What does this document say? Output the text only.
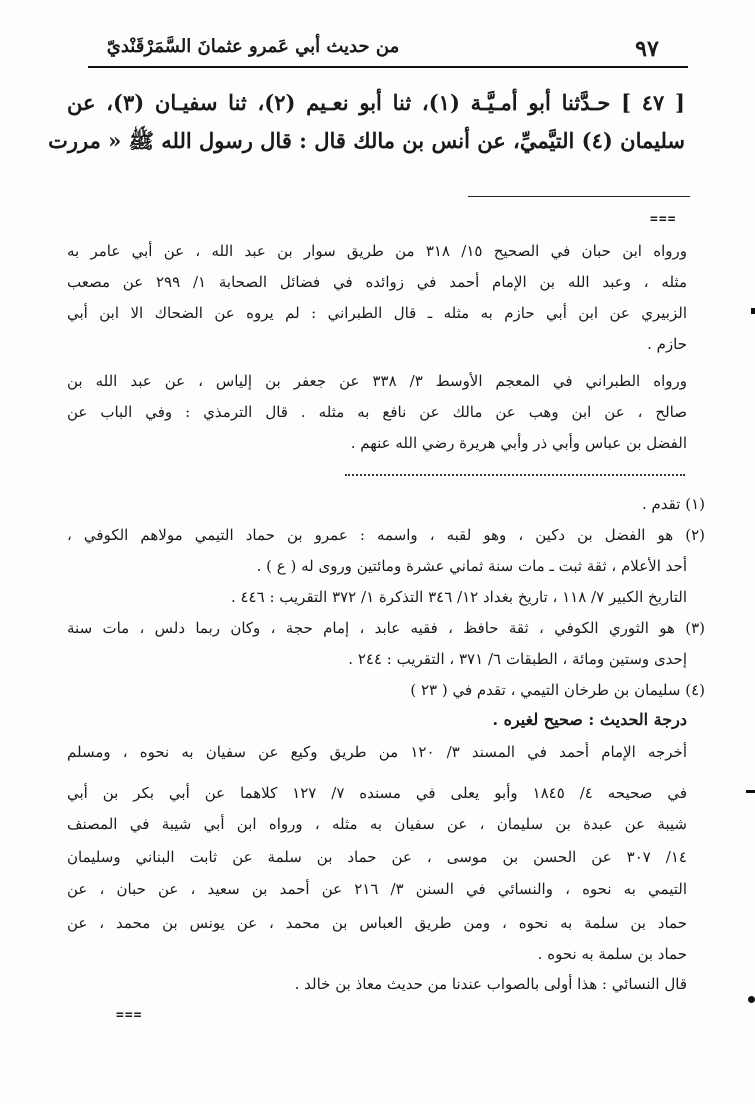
٩٧
من حديث أبي عَمرو عثمانَ السَّمَرْقَنْديّ
[ ٤٧ ] حـدَّثنا أبو أمـيَّـة (١)، ثنا أبو نعـيم (٢)، ثنا سفيـان (٣)، عن
سليمان (٤) التيَّميِّ، عن أنس بن مالك قال : قال رسول الله ﷺ « مررت
===
ورواه ابن حبان في الصحيح ١٥/ ٣١٨ من طريق سوار بن عبد الله ، عن أبي عامر به
مثله ، وعبد الله بن الإمام أحمد في زوائده في فضائل الصحابة ١/ ٢٩٩ عن مصعب
الزبيري عن ابن أبي حازم به مثله ـ قال الطبراني : لم يروه عن الضحاك الا ابن أبي
حازم .
ورواه الطبراني في المعجم الأوسط ٣/ ٣٣٨ عن جعفر بن إلياس ، عن عبد الله بن
صالح ، عن ابن وهب عن مالك عن نافع به مثله . قال الترمذي : وفي الباب عن
الفضل بن عباس وأبي ذر وأبي هريرة رضي الله عنهم .
(١) تقدم .
(٢) هو الفضل بن دكين ، وهو لقبه ، واسمه : عمرو بن حماد التيمي مولاهم الكوفي ،
أحد الأعلام ، ثقة ثبت ـ مات سنة ثماني عشرة ومائتين وروى له ( ع ) .
التاريخ الكبير ٧/ ١١٨ ، تاريخ بغداد ١٢/ ٣٤٦ التذكرة ١/ ٣٧٢ التقريب : ٤٤٦ .
(٣) هو الثوري الكوفي ، ثقة حافظ ، فقيه عابد ، إمام حجة ، وكان ربما دلس ، مات سنة
إحدى وستين ومائة ، الطبقات ٦/ ٣٧١ ، التقريب : ٢٤٤ .
(٤) سليمان بن طرخان التيمي ، تقدم في ( ٢٣ )
درجة الحديث : صحيح لغيره .
أخرجه الإمام أحمد في المسند ٣/ ١٢٠ من طريق وكيع عن سفيان به نحوه ، ومسلم
في صحيحه ٤/ ١٨٤٥ وأبو يعلى في مسنده ٧/ ١٢٧ كلاهما عن أبي بكر بن أبي
شيبة عن عبدة بن سليمان ، عن سفيان به مثله ، ورواه ابن أبي شيبة في المصنف
١٤/ ٣٠٧ عن الحسن بن موسى ، عن حماد بن سلمة عن ثابت البناني وسليمان
التيمي به نحوه ، والنسائي في السنن ٣/ ٢١٦ عن أحمد بن سعيد ، عن حبان ، عن
حماد بن سلمة به نحوه ، ومن طريق العباس بن محمد ، عن يونس بن محمد ، عن
حماد بن سلمة به نحوه .
قال النسائي : هذا أولى بالصواب عندنا من حديث معاذ بن خالد .
===
